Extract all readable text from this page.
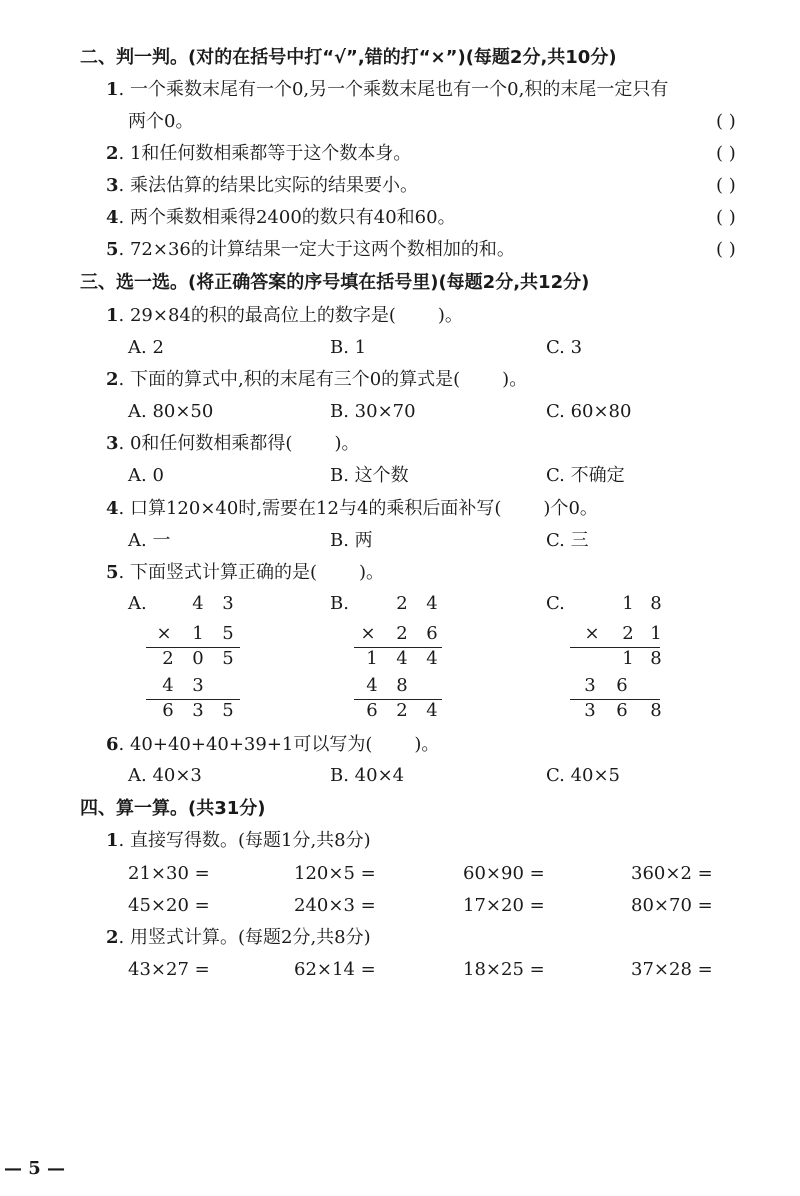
二、判一判。(对的在括号中打“√”,错的打“×”)(每题2分,共10分)
1. 一个乘数末尾有一个0,另一个乘数末尾也有一个0,积的末尾一定只有
两个0。	( )
2. 1和任何数相乘都等于这个数本身。	( )
3. 乘法估算的结果比实际的结果要小。	( )
4. 两个乘数相乘得2400的数只有40和60。	( )
5. 72×36的计算结果一定大于这两个数相加的和。	( )
三、选一选。(将正确答案的序号填在括号里)(每题2分,共12分)
1. 29×84的积的最高位上的数字是( )。
A. 2	B. 1	C. 3
2. 下面的算式中,积的末尾有三个0的算式是( )。
A. 80×50	B. 30×70	C. 60×80
3. 0和任何数相乘都得( )。
A. 0	B. 这个数	C. 不确定
4. 口算120×40时,需要在12与4的乘积后面补写( )个0。
A. 一	B. 两	C. 三
5. 下面竖式计算正确的是( )。
A.	4 3
× 1 5
2 0 5
4 3
6 3 5
B.	2 4
× 2 6
1 4 4
4 8
6 2 4
C.	1 8
× 2 1
1 8
3 6
3 6 8
6. 40+40+40+39+1可以写为( )。
A. 40×3	B. 40×4	C. 40×5
四、算一算。(共31分)
1. 直接写得数。(每题1分,共8分)
21×30 =	120×5 =	60×90 =	360×2 =
45×20 =	240×3 =	17×20 =	80×70 =
2. 用竖式计算。(每题2分,共8分)
43×27 =	62×14 =	18×25 =	37×28 =
— 5 —
